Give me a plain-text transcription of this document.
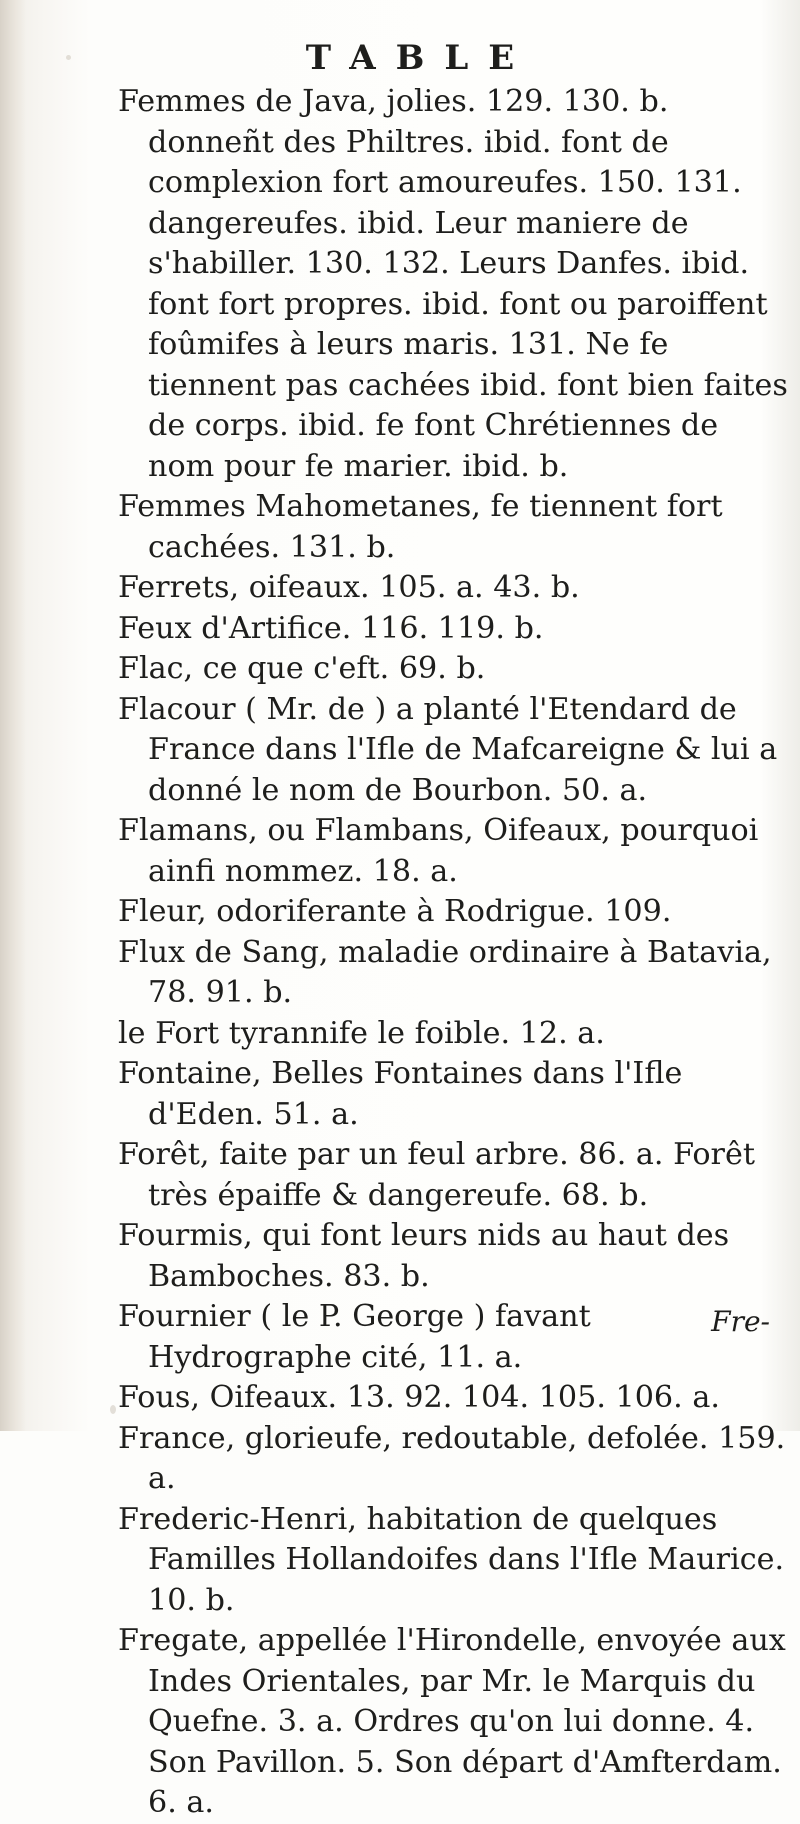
TABLE
Femmes de Java, jolies. 129. 130. b. donneñt des Philtres. ibid. font de complexion fort amoureufes. 150. 131. dangereufes. ibid. Leur maniere de s'habiller. 130. 132. Leurs Danfes. ibid. font fort propres. ibid. font ou paroiffent foûmifes à leurs maris. 131. Ne fe tiennent pas cachées ibid. font bien faites de corps. ibid. fe font Chrétiennes de nom pour fe marier. ibid. b.
Femmes Mahometanes, fe tiennent fort cachées. 131. b.
Ferrets, oifeaux. 105. a. 43. b.
Feux d'Artifice. 116. 119. b.
Flac, ce que c'eft. 69. b.
Flacour ( Mr. de ) a planté l'Etendard de France dans l'Ifle de Mafcareigne & lui a donné le nom de Bourbon. 50. a.
Flamans, ou Flambans, Oifeaux, pourquoi ainfi nommez. 18. a.
Fleur, odoriferante à Rodrigue. 109.
Flux de Sang, maladie ordinaire à Batavia, 78. 91. b.
le Fort tyrannife le foible. 12. a.
Fontaine, Belles Fontaines dans l'Ifle d'Eden. 51. a.
Forêt, faite par un feul arbre. 86. a. Forêt très épaiffe & dangereufe. 68. b.
Fourmis, qui font leurs nids au haut des Bamboches. 83. b.
Fournier ( le P. George ) favant Hydrographe cité, 11. a.
Fous, Oifeaux. 13. 92. 104. 105. 106. a.
France, glorieufe, redoutable, defolée. 159. a.
Frederic-Henri, habitation de quelques Familles Hollandoifes dans l'Ifle Maurice. 10. b.
Fregate, appellée l'Hirondelle, envoyée aux Indes Orientales, par Mr. le Marquis du Quefne. 3. a. Ordres qu'on lui donne. 4. Son Pavillon. 5. Son départ d'Amfterdam. 6. a.
Fre-
